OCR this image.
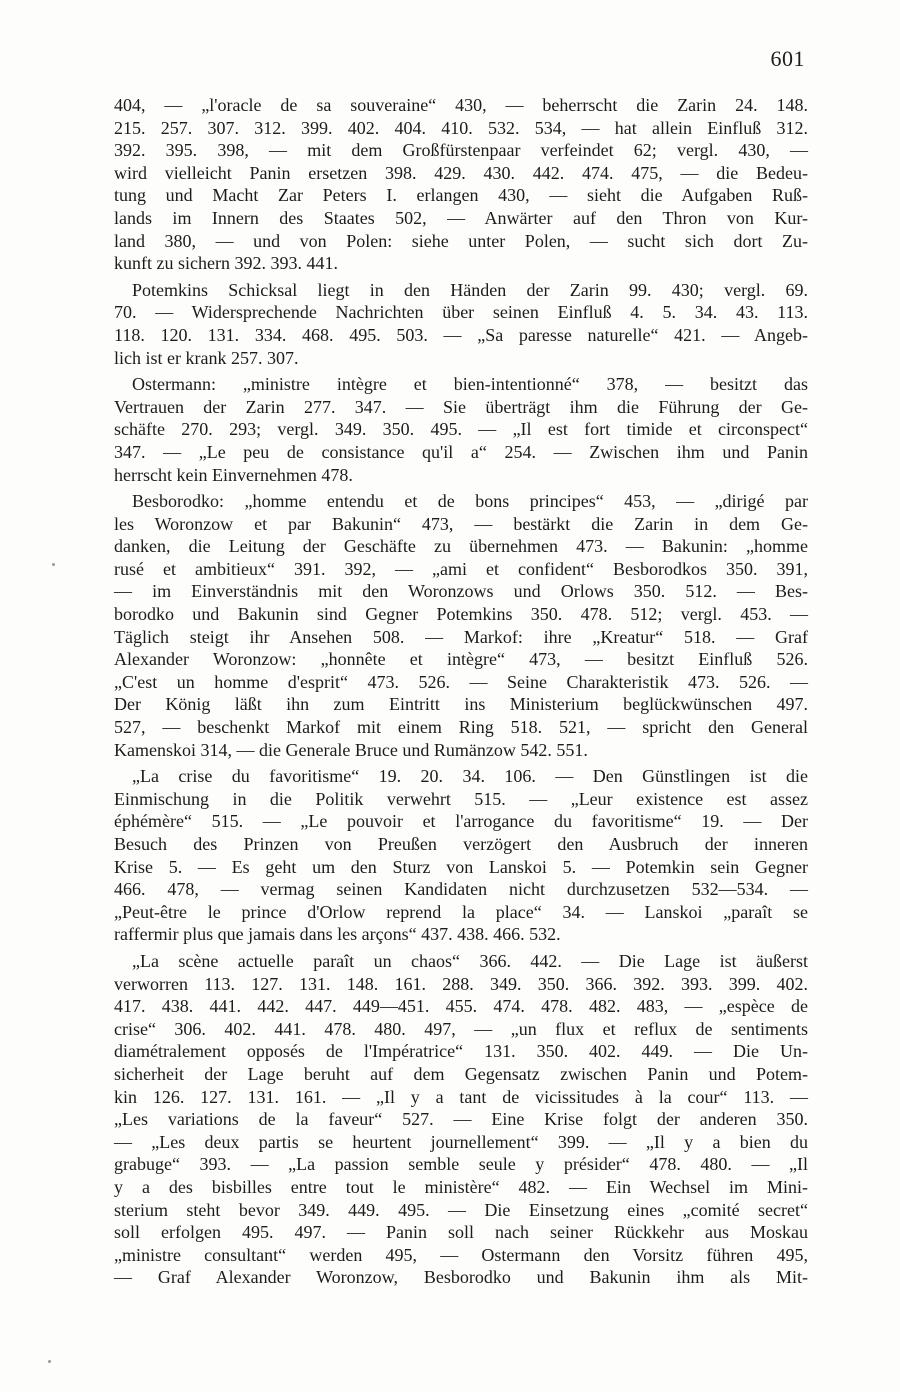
601

404, — „l'oracle de sa souveraine“ 430, — beherrscht die Zarin 24. 148.
215. 257. 307. 312. 399. 402. 404. 410. 532. 534, — hat allein Einfluß 312.
392. 395. 398, — mit dem Großfürstenpaar verfeindet 62; vergl. 430, —
wird vielleicht Panin ersetzen 398. 429. 430. 442. 474. 475, — die Bedeu-
tung und Macht Zar Peters I. erlangen 430, — sieht die Aufgaben Ruß-
lands im Innern des Staates 502, — Anwärter auf den Thron von Kur-
land 380, — und von Polen: siehe unter Polen, — sucht sich dort Zu-
kunft zu sichern 392. 393. 441.

Potemkins Schicksal liegt in den Händen der Zarin 99. 430; vergl. 69.
70. — Widersprechende Nachrichten über seinen Einfluß 4. 5. 34. 43. 113.
118. 120. 131. 334. 468. 495. 503. — „Sa paresse naturelle“ 421. — Angeb-
lich ist er krank 257. 307.

Ostermann: „ministre intègre et bien-intentionné“ 378, — besitzt das
Vertrauen der Zarin 277. 347. — Sie überträgt ihm die Führung der Ge-
schäfte 270. 293; vergl. 349. 350. 495. — „Il est fort timide et circonspect“
347. — „Le peu de consistance qu'il a“ 254. — Zwischen ihm und Panin
herrscht kein Einvernehmen 478.

Besborodko: „homme entendu et de bons principes“ 453, — „dirigé par
les Woronzow et par Bakunin“ 473, — bestärkt die Zarin in dem Ge-
danken, die Leitung der Geschäfte zu übernehmen 473. — Bakunin: „homme
rusé et ambitieux“ 391. 392, — „ami et confident“ Besborodkos 350. 391,
— im Einverständnis mit den Woronzows und Orlows 350. 512. — Bes-
borodko und Bakunin sind Gegner Potemkins 350. 478. 512; vergl. 453. —
Täglich steigt ihr Ansehen 508. — Markof: ihre „Kreatur“ 518. — Graf
Alexander Woronzow: „honnête et intègre“ 473, — besitzt Einfluß 526.
„C'est un homme d'esprit“ 473. 526. — Seine Charakteristik 473. 526. —
Der König läßt ihn zum Eintritt ins Ministerium beglückwünschen 497.
527, — beschenkt Markof mit einem Ring 518. 521, — spricht den General
Kamenskoi 314, — die Generale Bruce und Rumänzow 542. 551.

„La crise du favoritisme“ 19. 20. 34. 106. — Den Günstlingen ist die
Einmischung in die Politik verwehrt 515. — „Leur existence est assez
éphémère“ 515. — „Le pouvoir et l'arrogance du favoritisme“ 19. — Der
Besuch des Prinzen von Preußen verzögert den Ausbruch der inneren
Krise 5. — Es geht um den Sturz von Lanskoi 5. — Potemkin sein Gegner
466. 478, — vermag seinen Kandidaten nicht durchzusetzen 532—534. —
„Peut-être le prince d'Orlow reprend la place“ 34. — Lanskoi „paraît se
raffermir plus que jamais dans les arçons“ 437. 438. 466. 532.

„La scène actuelle paraît un chaos“ 366. 442. — Die Lage ist äußerst
verworren 113. 127. 131. 148. 161. 288. 349. 350. 366. 392. 393. 399. 402.
417. 438. 441. 442. 447. 449—451. 455. 474. 478. 482. 483, — „espèce de
crise“ 306. 402. 441. 478. 480. 497, — „un flux et reflux de sentiments
diamétralement opposés de l'Impératrice“ 131. 350. 402. 449. — Die Un-
sicherheit der Lage beruht auf dem Gegensatz zwischen Panin und Potem-
kin 126. 127. 131. 161. — „Il y a tant de vicissitudes à la cour“ 113. —
„Les variations de la faveur“ 527. — Eine Krise folgt der anderen 350.
— „Les deux partis se heurtent journellement“ 399. — „Il y a bien du
grabuge“ 393. — „La passion semble seule y présider“ 478. 480. — „Il
y a des bisbilles entre tout le ministère“ 482. — Ein Wechsel im Mini-
sterium steht bevor 349. 449. 495. — Die Einsetzung eines „comité secret“
soll erfolgen 495. 497. — Panin soll nach seiner Rückkehr aus Moskau
„ministre consultant“ werden 495, — Ostermann den Vorsitz führen 495,
— Graf Alexander Woronzow, Besborodko und Bakunin ihm als Mit-
